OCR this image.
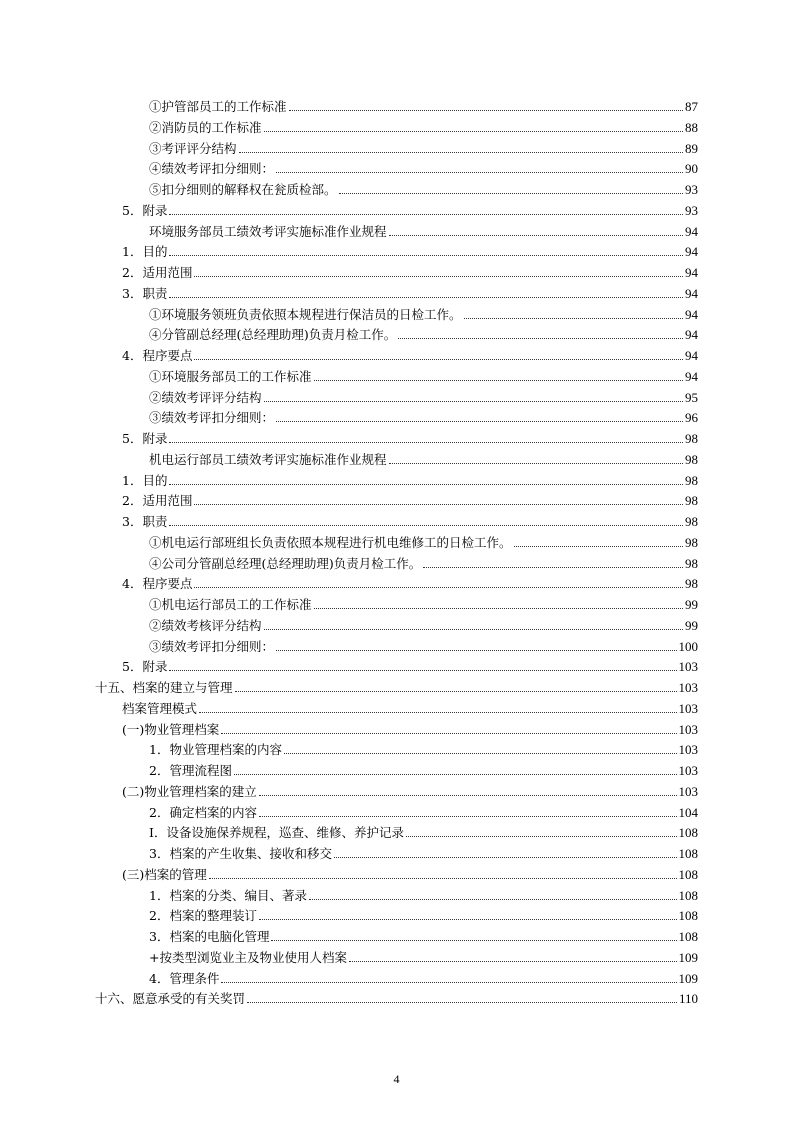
①护管部员工的工作标准	87
②消防员的工作标准	88
③考评评分结构	89
④绩效考评扣分细则：	90
⑤扣分细则的解释权在瓮质检部。	93
5．附录	93
环境服务部员工绩效考评实施标准作业规程	94
1．目的	94
2．适用范围	94
3．职责	94
①环境服务领班负责依照本规程进行保洁员的日检工作。	94
④分管副总经理(总经理助理)负责月检工作。	94
4．程序要点	94
①环境服务部员工的工作标准	94
②绩效考评评分结构	95
③绩效考评扣分细则：	96
5．附录	98
机电运行部员工绩效考评实施标准作业规程	98
1．目的	98
2．适用范围	98
3．职责	98
①机电运行部班组长负责依照本规程进行机电维修工的日检工作。	98
④公司分管副总经理(总经理助理)负责月检工作。	98
4．程序要点	98
①机电运行部员工的工作标准	99
②绩效考核评分结构	99
③绩效考评扣分细则：	100
5．附录	103
十五、档案的建立与管理	103
档案管理模式	103
(一)物业管理档案	103
1．物业管理档案的内容	103
2．管理流程图	103
(二)物业管理档案的建立	103
2．确定档案的内容	104
I．设备设施保养规程，巡查、维修、养护记录	108
3．档案的产生收集、接收和移交	108
(三)档案的管理	108
1．档案的分类、编目、著录	108
2．档案的整理装订	108
3．档案的电脑化管理	108
+按类型浏览业主及物业使用人档案	109
4．管理条件	109
十六、愿意承受的有关奖罚	110
4
